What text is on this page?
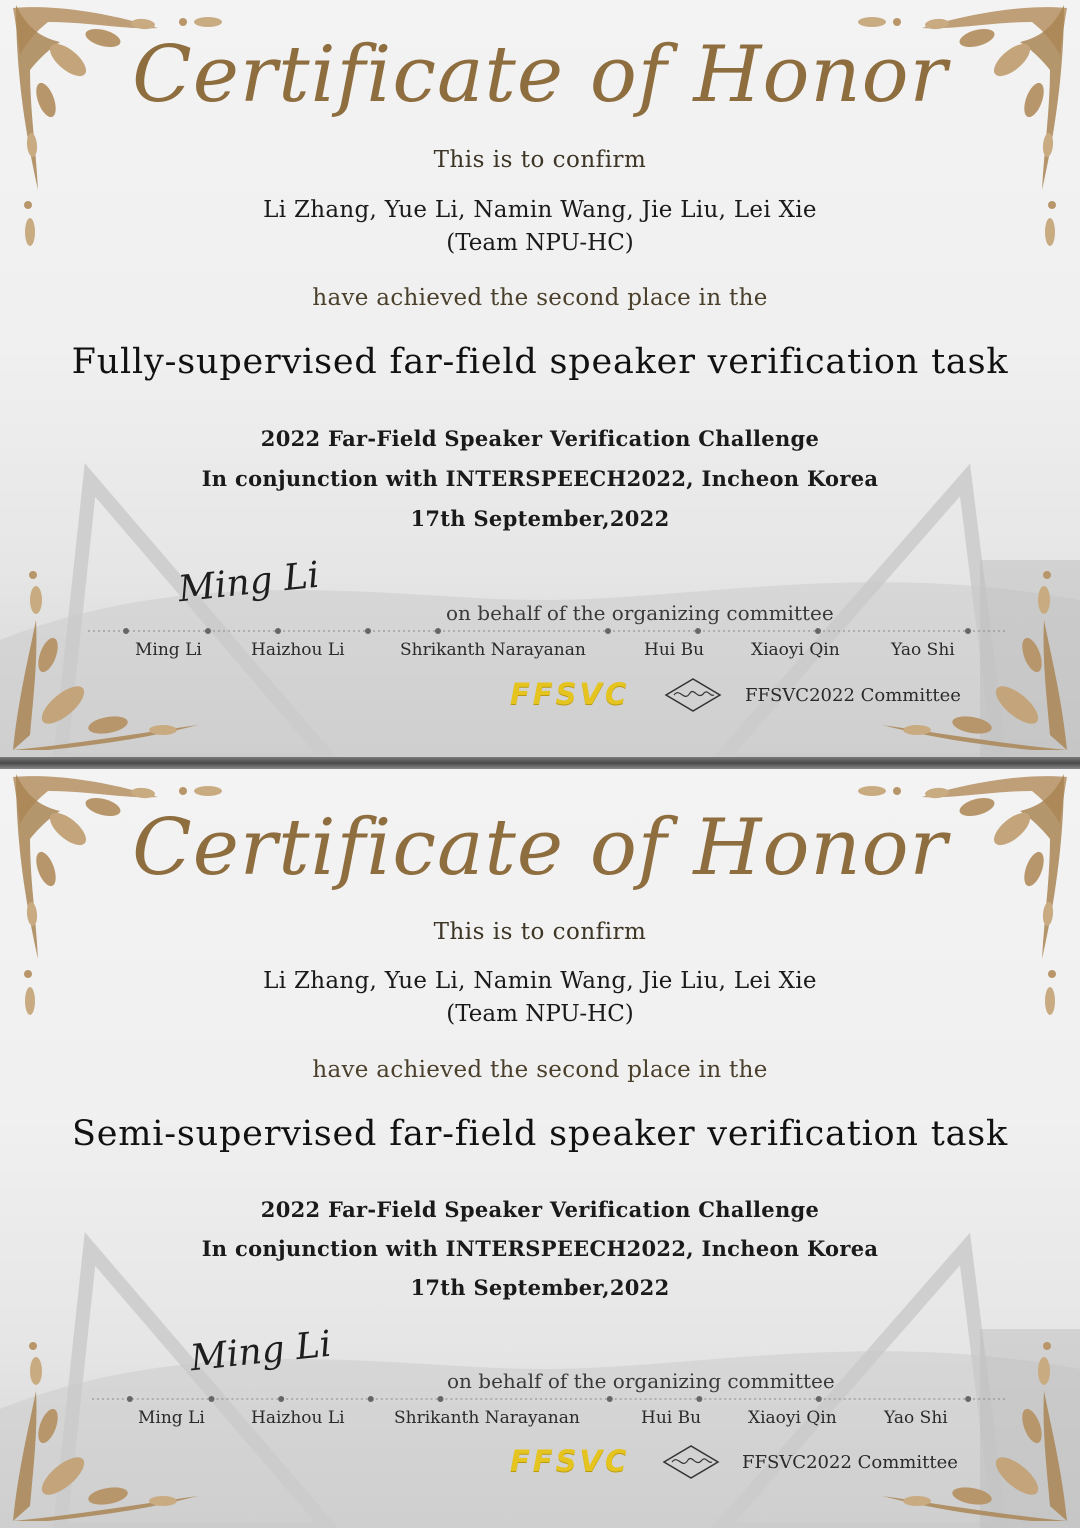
Certificate of Honor
This is to confirm
Li Zhang, Yue Li, Namin Wang, Jie Liu, Lei Xie
(Team NPU-HC)
have achieved the second place in the
Fully-supervised far-field speaker verification task
2022 Far-Field Speaker Verification Challenge
In conjunction with INTERSPEECH2022, Incheon Korea
17th September,2022
Ming Li
on behalf of the organizing committee
Ming Li	Haizhou Li	Shrikanth Narayanan	Hui Bu	Xiaoyi Qin	Yao Shi
FFSVC	FFSVC2022 Committee
Certificate of Honor
This is to confirm
Li Zhang, Yue Li, Namin Wang, Jie Liu, Lei Xie
(Team NPU-HC)
have achieved the second place in the
Semi-supervised far-field speaker verification task
2022 Far-Field Speaker Verification Challenge
In conjunction with INTERSPEECH2022, Incheon Korea
17th September,2022
Ming Li
on behalf of the organizing committee
Ming Li	Haizhou Li	Shrikanth Narayanan	Hui Bu	Xiaoyi Qin	Yao Shi
FFSVC	FFSVC2022 Committee
